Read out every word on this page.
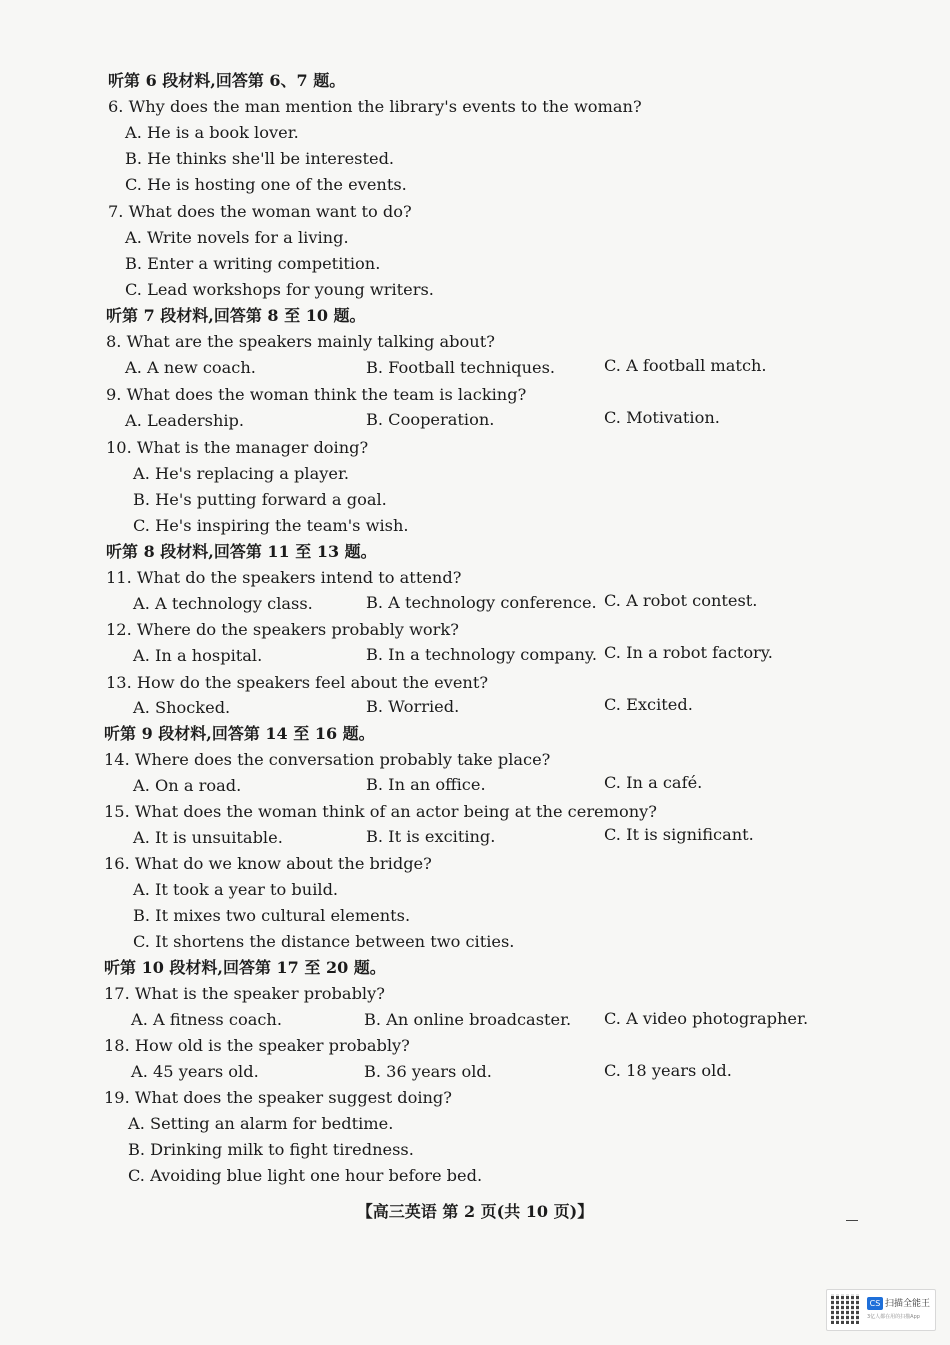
听第 6 段材料,回答第 6、7 题。
6. Why does the man mention the library's events to the woman?
A. He is a book lover.
B. He thinks she'll be interested.
C. He is hosting one of the events.
7. What does the woman want to do?
A. Write novels for a living.
B. Enter a writing competition.
C. Lead workshops for young writers.
听第 7 段材料,回答第 8 至 10 题。
8. What are the speakers mainly talking about?
A. A new coach.	B. Football techniques.	C. A football match.
9. What does the woman think the team is lacking?
A. Leadership.	B. Cooperation.	C. Motivation.
10. What is the manager doing?
A. He's replacing a player.
B. He's putting forward a goal.
C. He's inspiring the team's wish.
听第 8 段材料,回答第 11 至 13 题。
11. What do the speakers intend to attend?
A. A technology class.	B. A technology conference. C. A robot contest.
12. Where do the speakers probably work?
A. In a hospital.	B. In a technology company. C. In a robot factory.
13. How do the speakers feel about the event?
A. Shocked.	B. Worried.	C. Excited.
听第 9 段材料,回答第 14 至 16 题。
14. Where does the conversation probably take place?
A. On a road.	B. In an office.	C. In a café.
15. What does the woman think of an actor being at the ceremony?
A. It is unsuitable.	B. It is exciting.	C. It is significant.
16. What do we know about the bridge?
A. It took a year to build.
B. It mixes two cultural elements.
C. It shortens the distance between two cities.
听第 10 段材料,回答第 17 至 20 题。
17. What is the speaker probably?
A. A fitness coach.	B. An online broadcaster. C. A video photographer.
18. How old is the speaker probably?
A. 45 years old.	B. 36 years old.	C. 18 years old.
19. What does the speaker suggest doing?
A. Setting an alarm for bedtime.
B. Drinking milk to fight tiredness.
C. Avoiding blue light one hour before bed.
【高三英语 第 2 页(共 10 页)】
CS 扫描全能王
3亿人都在用的扫描App
